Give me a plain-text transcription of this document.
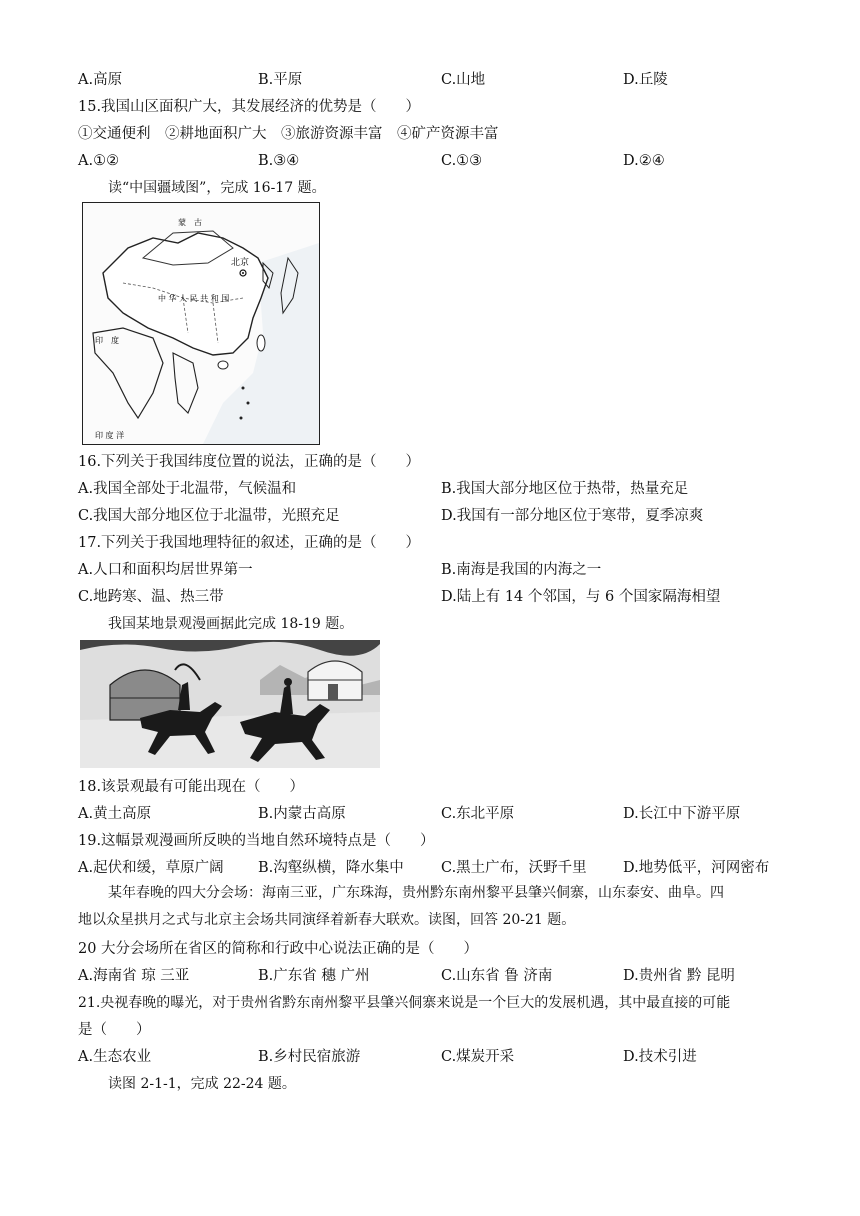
A.高原	B.平原	C.山地	D.丘陵
15.我国山区面积广大，其发展经济的优势是（　　）
①交通便利　②耕地面积广大　③旅游资源丰富　④矿产资源丰富
A.①②	B.③④	C.①③	D.②④
读“中国疆域图”，完成 16-17 题。
北京
中 华 人 民 共 和 国
蒙　古
印　度
印 度 洋
16.下列关于我国纬度位置的说法，正确的是（　　）
A.我国全部处于北温带，气候温和	B.我国大部分地区位于热带，热量充足
C.我国大部分地区位于北温带，光照充足	D.我国有一部分地区位于寒带，夏季凉爽
17.下列关于我国地理特征的叙述，正确的是（　　）
A.人口和面积均居世界第一	B.南海是我国的内海之一
C.地跨寒、温、热三带	D.陆上有 14 个邻国，与 6 个国家隔海相望
我国某地景观漫画据此完成 18-19 题。
18.该景观最有可能出现在（　　）
A.黄土高原	B.内蒙古高原	C.东北平原	D.长江中下游平原
19.这幅景观漫画所反映的当地自然环境特点是（　　）
A.起伏和缓，草原广阔 B.沟壑纵横，降水集中	C.黑土广布，沃野千里	D.地势低平，河网密布
某年春晚的四大分会场：海南三亚，广东珠海，贵州黔东南州黎平县肇兴侗寨，山东泰安、曲阜。四
地以众星拱月之式与北京主会场共同演绎着新春大联欢。读图，回答 20-21 题。
20 大分会场所在省区的简称和行政中心说法正确的是（　　）
A.海南省 琼 三亚	B.广东省 穗 广州	C.山东省 鲁 济南	D.贵州省 黔 昆明
21.央视春晚的曝光，对于贵州省黔东南州黎平县肇兴侗寨来说是一个巨大的发展机遇，其中最直接的可能
是（　　）
A.生态农业	B.乡村民宿旅游	C.煤炭开采	D.技术引进
读图 2-1-1，完成 22-24 题。
